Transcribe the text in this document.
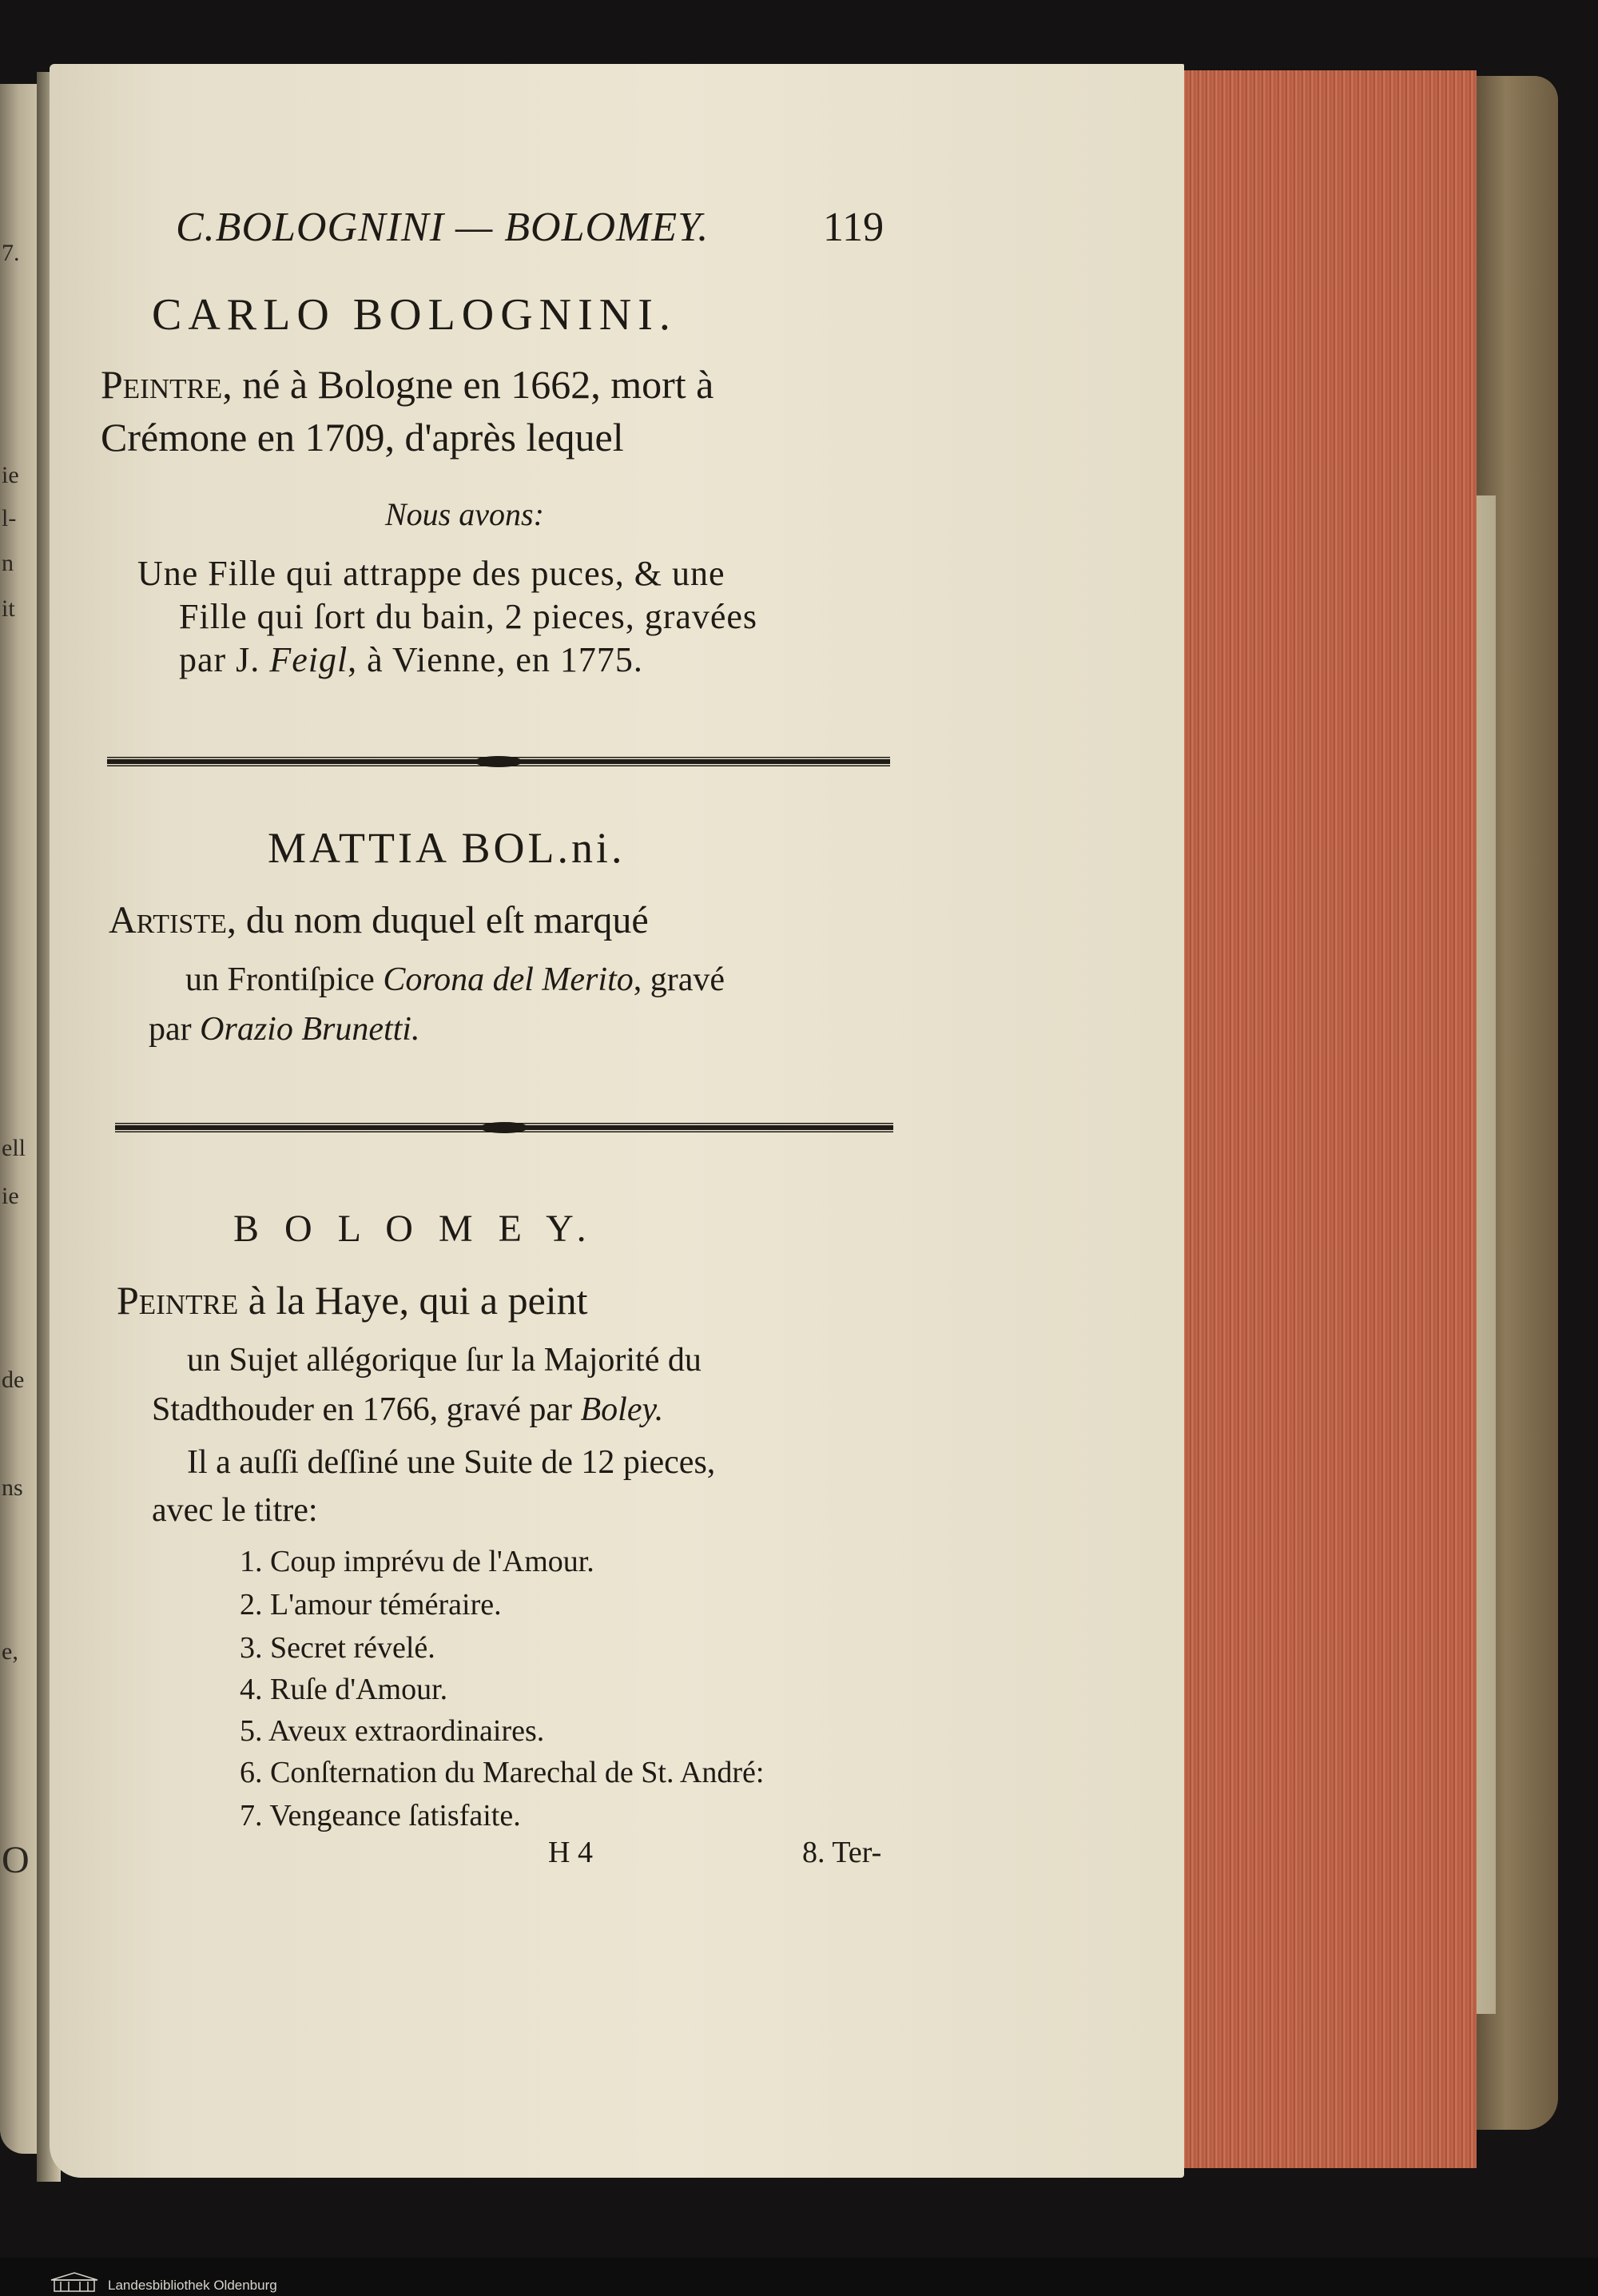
7.
ie
l-
n
it
ell
ie
de
ns
e,
O
C.BOLOGNINI — BOLOMEY.	119
CARLO BOLOGNINI.
Peintre, né à Bologne en 1662, mort à
Crémone en 1709, d'après lequel
Nous avons:
Une Fille qui attrappe des puces, & une
Fille qui ſort du bain, 2 pieces, gravées
par J. Feigl, à Vienne, en 1775.
MATTIA BOL.ni.
Artiste, du nom duquel eſt marqué
un Frontiſpice Corona del Merito, gravé
par Orazio Brunetti.
B O L O M E Y.
Peintre à la Haye, qui a peint
un Sujet allégorique ſur la Majorité du
Stadthouder en 1766, gravé par Boley.
Il a auſſi deſſiné une Suite de 12 pieces,
avec le titre:
1. Coup imprévu de l'Amour.
2. L'amour téméraire.
3. Secret révelé.
4. Ruſe d'Amour.
5. Aveux extraordinaires.
6. Conſternation du Marechal de St. André:
7. Vengeance ſatisfaite.
H 4	8. Ter-
Landesbibliothek Oldenburg
